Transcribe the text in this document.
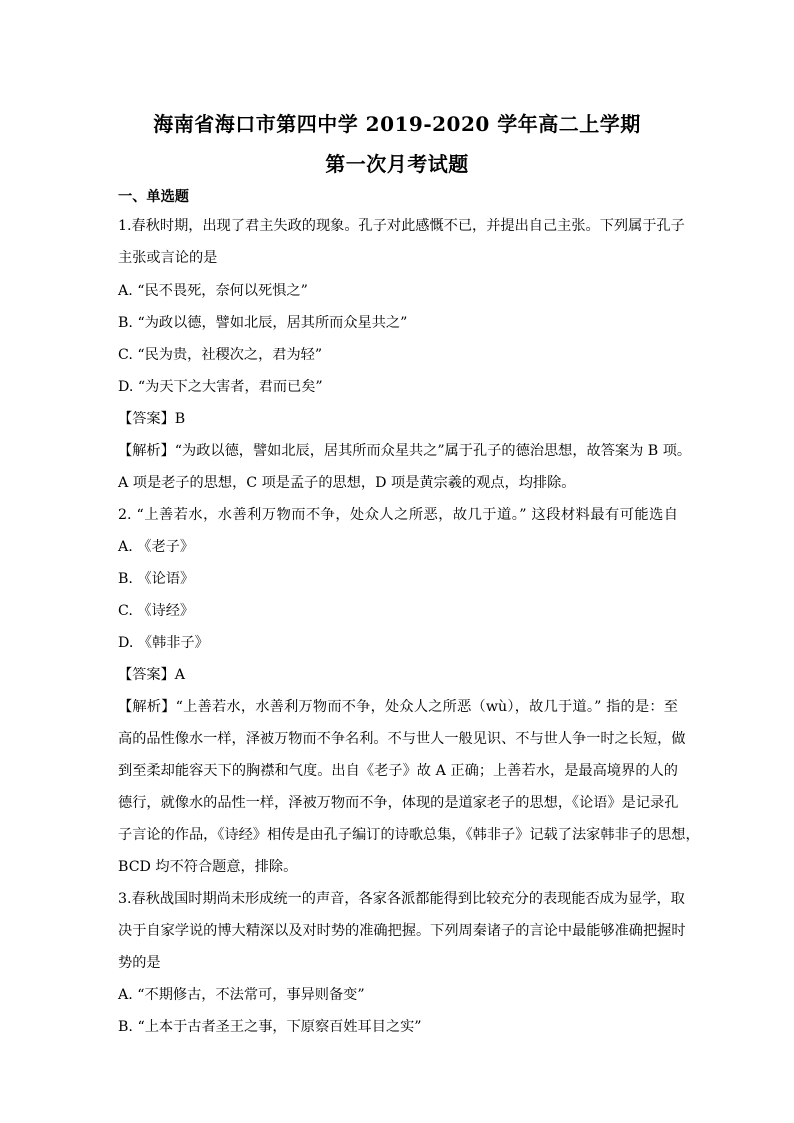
海南省海口市第四中学 2019-2020 学年高二上学期
第一次月考试题
一、单选题
1.春秋时期，出现了君主失政的现象。孔子对此感慨不已，并提出自己主张。下列属于孔子
主张或言论的是
A. “民不畏死，奈何以死惧之”
B. “为政以德，譬如北辰，居其所而众星共之”
C. “民为贵，社稷次之，君为轻”
D. “为天下之大害者，君而已矣”
【答案】B
【解析】“为政以德，譬如北辰，居其所而众星共之”属于孔子的德治思想，故答案为 B 项。
A 项是老子的思想，C 项是孟子的思想，D 项是黄宗羲的观点，均排除。
2. “上善若水，水善利万物而不争，处众人之所恶，故几于道。” 这段材料最有可能选自
A. 《老子》
B. 《论语》
C. 《诗经》
D. 《韩非子》
【答案】A
【解析】“上善若水，水善利万物而不争，处众人之所恶（wù），故几于道。” 指的是：至
高的品性像水一样，泽被万物而不争名利。不与世人一般见识、不与世人争一时之长短，做
到至柔却能容天下的胸襟和气度。出自《老子》故 A 正确；上善若水，是最高境界的人的
德行，就像水的品性一样，泽被万物而不争，体现的是道家老子的思想，《论语》是记录孔
子言论的作品，《诗经》相传是由孔子编订的诗歌总集，《韩非子》记载了法家韩非子的思想，
BCD 均不符合题意，排除。
3.春秋战国时期尚未形成统一的声音，各家各派都能得到比较充分的表现能否成为显学，取
决于自家学说的博大精深以及对时势的准确把握。下列周秦诸子的言论中最能够准确把握时
势的是
A. “不期修古，不法常可，事异则备变”
B. “上本于古者圣王之事，下原察百姓耳目之实”
